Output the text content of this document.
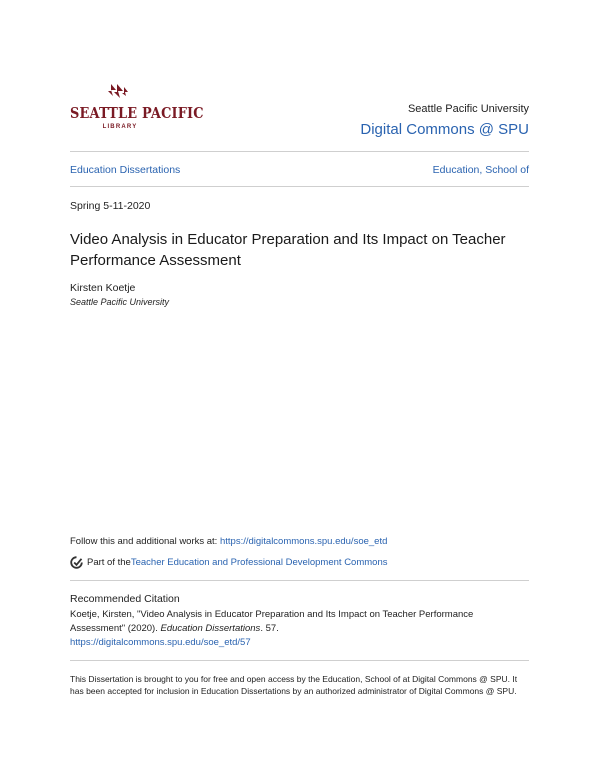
SEATTLE PACIFIC
LIBRARY
Seattle Pacific University
Digital Commons @ SPU
Education Dissertations	Education, School of
Spring 5-11-2020
Video Analysis in Educator Preparation and Its Impact on Teacher Performance Assessment
Kirsten Koetje
Seattle Pacific University
Follow this and additional works at: https://digitalcommons.spu.edu/soe_etd
Part of the Teacher Education and Professional Development Commons
Recommended Citation
Koetje, Kirsten, "Video Analysis in Educator Preparation and Its Impact on Teacher Performance Assessment" (2020). Education Dissertations. 57.
https://digitalcommons.spu.edu/soe_etd/57
This Dissertation is brought to you for free and open access by the Education, School of at Digital Commons @ SPU. It has been accepted for inclusion in Education Dissertations by an authorized administrator of Digital Commons @ SPU.
